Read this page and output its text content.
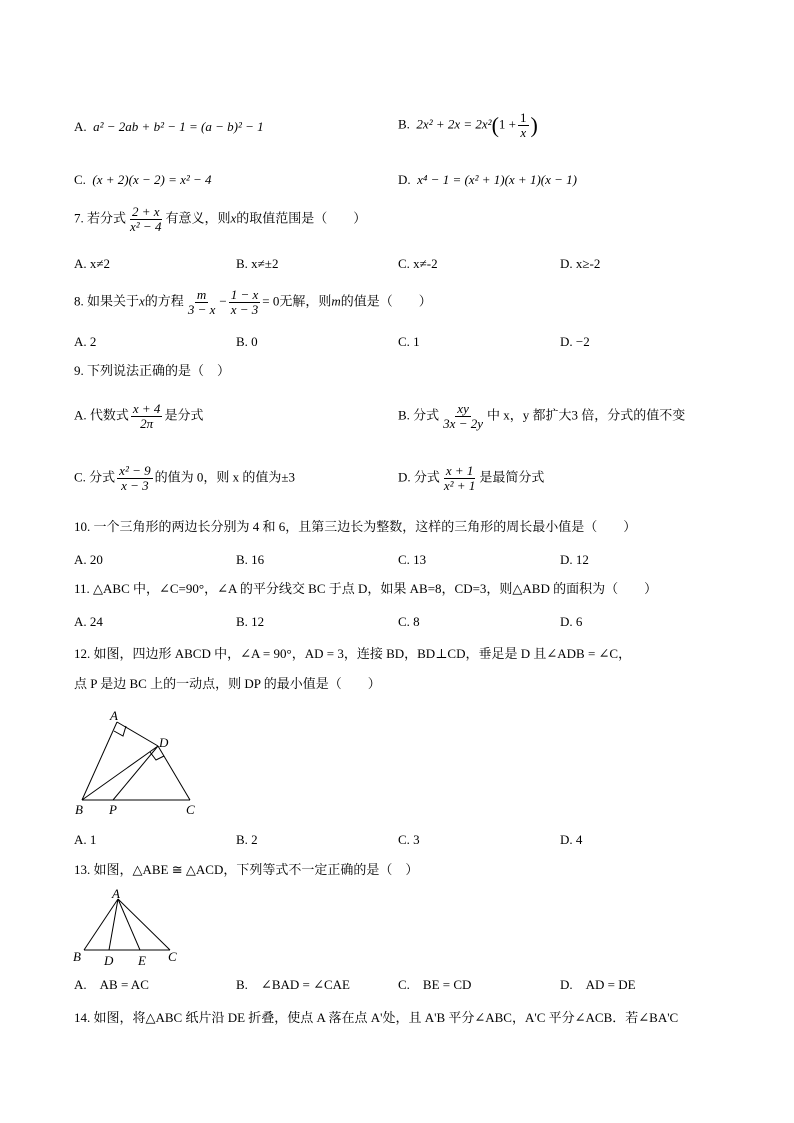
A. a² − 2ab + b² − 1 = (a − b)² − 1	B. $2x^2 + 2x = 2x^2(1 + \frac{1}{x}$ )
C. (x + 2)(x − 2) = x² − 4	D. x⁴ − 1 = (x² + 1)(x + 1)(x − 1)
7. 若分式 $\frac{2 + x}{\text{x² − 4}}$ 有意义，则x的取值范围是（　　）
A. x≠2	B. x≠±2	C. x≠-2	D. x≥-2
8. 如果关于x的方程 $\frac{m}{3 - x} - \frac{1 - x}{x - 3} = 0$无解，则m的值是（　　）
A. 2	B. 0	C. 1	D. −2
9. 下列说法正确的是（　）
A. 代数式 $\frac{x + 4}{2\pi}$ 是分式	B. 分式 $\frac{xy}{3x - 2y}$ 中 x，y 都扩大3 倍，分式的值不变
C. 分式 $\frac{\text{x² − 9}}{x - 3}$ 的值为 0，则 x 的值为±3	D. 分式 $\frac{x + 1}{\text{x² + 1}}$ 是最简分式
10. 一个三角形的两边长分别为 4 和 6，且第三边长为整数，这样的三角形的周长最小值是（　　）
A. 20	B. 16	C. 13	D. 12
11. △ABC 中，∠C=90°，∠A 的平分线交 BC 于点 D，如果 AB=8，CD=3，则△ABD 的面积为（　　）
A. 24	B. 12	C. 8	D. 6
12. 如图，四边形 ABCD 中，∠A = 90°，AD = 3，连接 BD，BD⊥CD，垂足是 D 且∠ADB = ∠C，
点 P 是边 BC 上的一动点，则 DP 的最小值是（　　）
A
D
B P	C
A. 1	B. 2	C. 3	D. 4
13. 如图，△ABE ≅ △ACD，下列等式不一定正确的是（　）
A
B D E C
A.　AB = AC	B.　∠BAD = ∠CAE	C.　BE = CD	D.　AD = DE
14. 如图，将△ABC 纸片沿 DE 折叠，使点 A 落在点 A'处，且 A'B 平分∠ABC，A'C 平分∠ACB．若∠BA'C
